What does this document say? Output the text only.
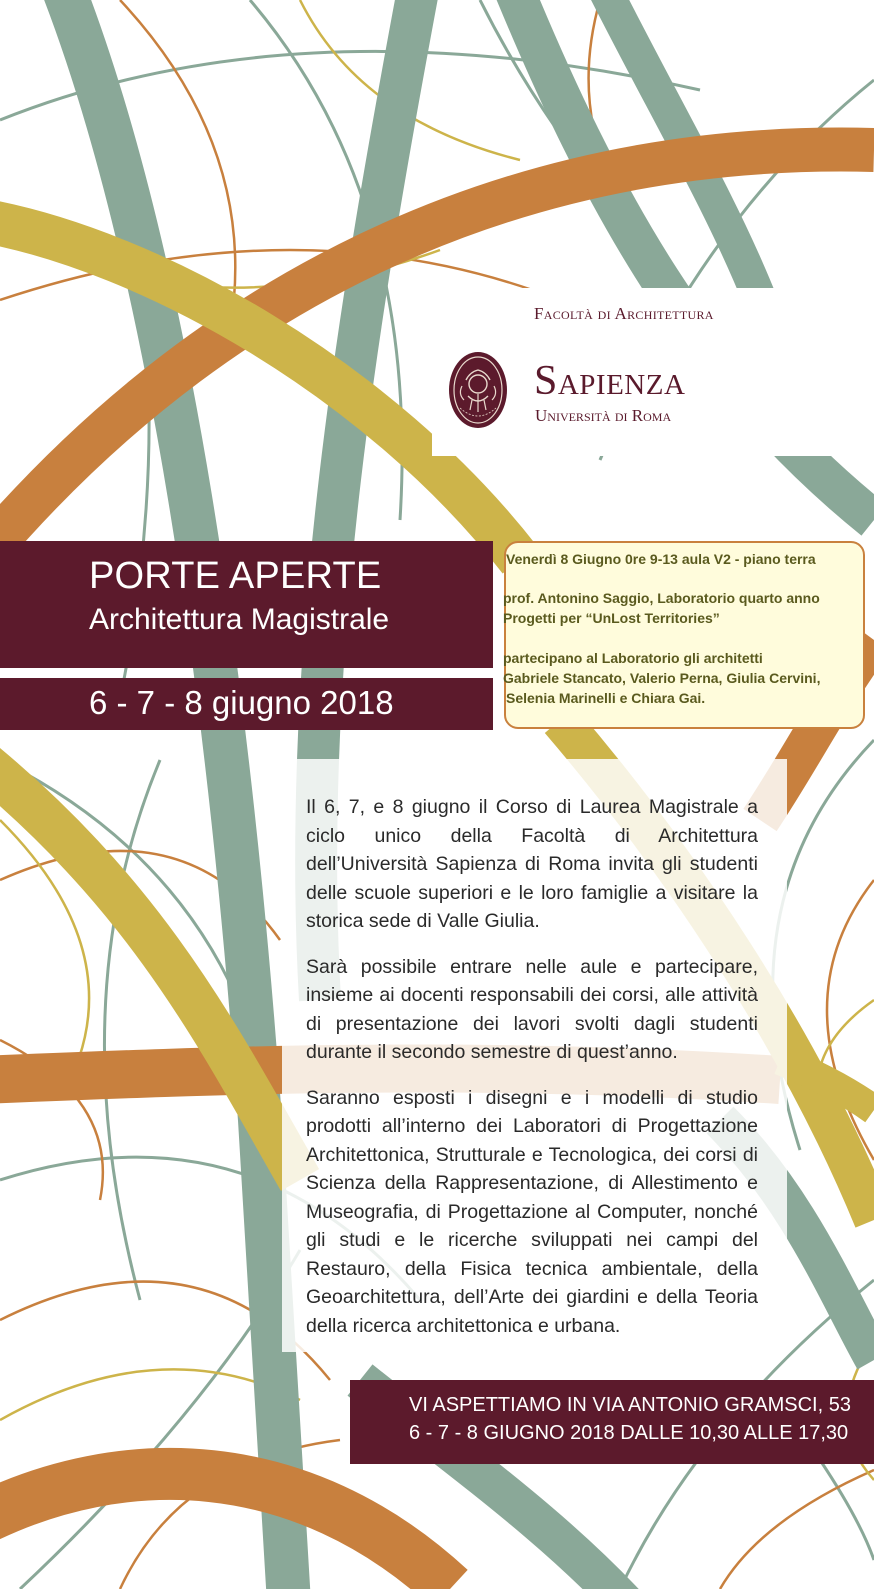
Facoltà di Architettura
Sapienza
Università di Roma
PORTE APERTE
Architettura Magistrale
6 - 7 - 8 giugno 2018

Venerdì 8 Giugno 0re 9-13 aula V2 - piano terra

prof. Antonino Saggio, Laboratorio quarto anno

Progetti per “UnLost Territories”

partecipano al Laboratorio gli architetti

Gabriele Stancato, Valerio Perna, Giulia Cervini,

Selenia Marinelli e Chiara Gai.

Il 6, 7, e 8 giugno il Corso di Laurea Magistrale a ciclo unico della Facoltà di Architettura dell’Università Sapienza di Roma invita gli studenti delle scuole superiori e le loro famiglie a visitare la storica sede di Valle Giulia.

Sarà possibile entrare nelle aule e partecipare, insieme ai docenti responsabili dei corsi, alle attività di presentazione dei lavori svolti dagli studenti durante il secondo semestre di quest’anno.

Saranno esposti i disegni e i modelli di studio prodotti all’interno dei Laboratori di Progettazione Architettonica, Strutturale e Tecnologica, dei corsi di Scienza della Rappresentazione, di Allestimento e Museografia, di Progettazione al Computer, nonché gli studi e le ricerche sviluppati nei campi del Restauro, della Fisica tecnica ambientale, della Geoarchitettura, dell’Arte dei giardini e della Teoria della ricerca architettonica e urbana.

VI ASPETTIAMO IN VIA ANTONIO GRAMSCI, 53
6 - 7 - 8 GIUGNO 2018 DALLE 10,30 ALLE 17,30
